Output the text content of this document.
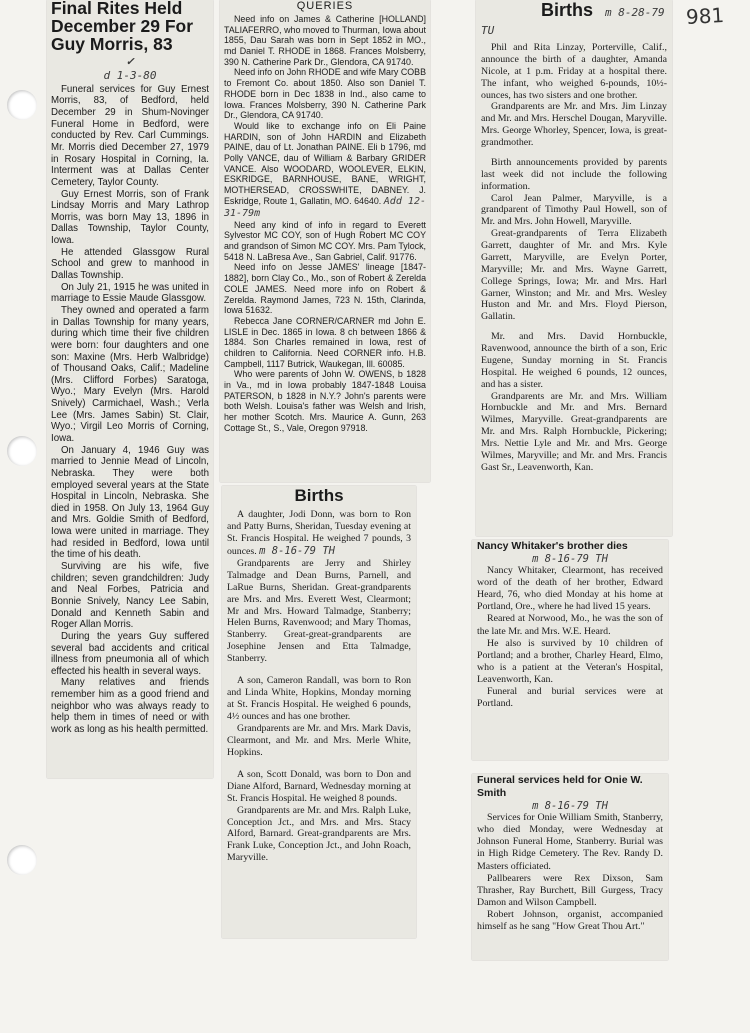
981

Final Rites Held December 29 For Guy Morris, 83
✓

d 1-3-80

Funeral services for Guy Ernest Morris, 83, of Bedford, held December 29 in Shum-Novinger Funeral Home in Bedford, were conducted by Rev. Carl Cummings. Mr. Morris died December 27, 1979 in Rosary Hospital in Corning, Ia. Interment was at Dallas Center Cemetery, Taylor County.

Guy Ernest Morris, son of Frank Lindsay Morris and Mary Lathrop Morris, was born May 13, 1896 in Dallas Township, Taylor County, Iowa.

He attended Glassgow Rural School and grew to manhood in Dallas Township.

On July 21, 1915 he was united in marriage to Essie Maude Glassgow.

They owned and operated a farm in Dallas Township for many years, during which time their five children were born: four daughters and one son: Maxine (Mrs. Herb Walbridge) of Thousand Oaks, Calif.; Madeline (Mrs. Clifford Forbes) Saratoga, Wyo.; Mary Evelyn (Mrs. Harold Snively) Carmichael, Wash.; Verla Lee (Mrs. James Sabin) St. Clair, Wyo.; Virgil Leo Morris of Corning, Iowa.

On January 4, 1946 Guy was married to Jennie Mead of Lincoln, Nebraska. They were both employed several years at the State Hospital in Lincoln, Nebraska. She died in 1958. On July 13, 1964 Guy and Mrs. Goldie Smith of Bedford, Iowa were united in marriage. They had resided in Bedford, Iowa until the time of his death.

Surviving are his wife, five children; seven grandchildren: Judy and Neal Forbes, Patricia and Bonnie Snively, Nancy Lee Sabin, Donald and Kenneth Sabin and Roger Allan Morris.

During the years Guy suffered several bad accidents and critical illness from pneumonia all of which effected his health in several ways.

Many relatives and friends remember him as a good friend and neighbor who was always ready to help them in times of need or with work as long as his health permitted.

QUERIES

Need info on James & Catherine [HOLLAND] TALIAFERRO, who moved to Thurman, Iowa about 1855, Dau Sarah was born in Sept 1852 in MO., md Daniel T. RHODE in 1868. Frances Molsberry, 390 N. Catherine Park Dr., Glendora, CA 91740.

Need info on John RHODE and wife Mary COBB to Fremont Co. about 1850. Also son Daniel T. RHODE born in Dec 1838 in Ind., also came to Iowa. Frances Molsberry, 390 N. Catherine Park Dr., Glendora, CA 91740.

Would like to exchange info on Eli Paine HARDIN, son of John HARDIN and Elizabeth PAINE, dau of Lt. Jonathan PAINE. Eli b 1796, md Polly VANCE, dau of William & Barbary GRIDER VANCE. Also WOODARD, WOOLEVER, ELKIN, ESKRIDGE, BARNHOUSE, BANE, WRIGHT, MOTHERSEAD, CROSSWHITE, DABNEY. J. Eskridge, Route 1, Gallatin, MO. 64640. Add 12-31-79m

Need any kind of info in regard to Everett Sylvestor MC COY, son of Hugh Robert MC COY and grandson of Simon MC COY. Mrs. Pam Tylock, 5418 N. LaBresa Ave., San Gabriel, Calif. 91776.

Need info on Jesse JAMES' lineage [1847-1882], born Clay Co., Mo., son of Robert & Zerelda COLE JAMES. Need more info on Robert & Zerelda. Raymond James, 723 N. 15th, Clarinda, Iowa 51632.

Rebecca Jane CORNER/CARNER md John E. LISLE in Dec. 1865 in Iowa. 8 ch between 1866 & 1884. Son Charles remained in Iowa, rest of children to California. Need CORNER info. H.B. Campbell, 1117 Butrick, Waukegan, Ill. 60085.

Who were parents of John W. OWENS, b 1828 in Va., md in Iowa probably 1847-1848 Louisa PATERSON, b 1828 in N.Y.? John's parents were both Welsh. Louisa's father was Welsh and Irish, her mother Scotch. Mrs. Maurice A. Gunn, 263 Cottage St., S., Vale, Oregon 97918.

Births

A daughter, Jodi Donn, was born to Ron and Patty Burns, Sheridan, Tuesday evening at St. Francis Hospital. He weighed 7 pounds, 3 ounces. m 8-16-79 TH

Grandparents are Jerry and Shirley Talmadge and Dean Burns, Parnell, and LaRue Burns, Sheridan. Great-grandparents are Mrs. and Mrs. Everett West, Clearmont; Mr and Mrs. Howard Talmadge, Stanberry; Helen Burns, Ravenwood; and Mary Thomas, Stanberry. Great-great-grandparents are Josephine Jensen and Etta Talmadge, Stanberry.

A son, Cameron Randall, was born to Ron and Linda White, Hopkins, Monday morning at St. Francis Hospital. He weighed 6 pounds, 4½ ounces and has one brother.

Grandparents are Mr. and Mrs. Mark Davis, Clearmont, and Mr. and Mrs. Merle White, Hopkins.

A son, Scott Donald, was born to Don and Diane Alford, Barnard, Wednesday morning at St. Francis Hospital. He weighed 8 pounds.

Grandparents are Mr. and Mrs. Ralph Luke, Conception Jct., and Mrs. and Mrs. Stacy Alford, Barnard. Great-grandparents are Mrs. Frank Luke, Conception Jct., and John Roach, Maryville.

Births m 8-28-79 TU

Phil and Rita Linzay, Porterville, Calif., announce the birth of a daughter, Amanda Nicole, at 1 p.m. Friday at a hospital there. The infant, who weighed 6-pounds, 10½-ounces, has two sisters and one brother.

Grandparents are Mr. and Mrs. Jim Linzay and Mr. and Mrs. Herschel Dougan, Maryville. Mrs. George Whorley, Spencer, Iowa, is great-grandmother.

Birth announcements provided by parents last week did not include the following information.

Carol Jean Palmer, Maryville, is a grandparent of Timothy Paul Howell, son of Mr. and Mrs. John Howell, Maryville.

Great-grandparents of Terra Elizabeth Garrett, daughter of Mr. and Mrs. Kyle Garrett, Maryville, are Evelyn Porter, Maryville; Mr. and Mrs. Wayne Garrett, College Springs, Iowa; Mr. and Mrs. Harl Garner, Winston; and Mr. and Mrs. Wesley Huston and Mr. and Mrs. Floyd Pierson, Gallatin.

Mr. and Mrs. David Hornbuckle, Ravenwood, announce the birth of a son, Eric Eugene, Sunday morning in St. Francis Hospital. He weighed 6 pounds, 12 ounces, and has a sister.

Grandparents are Mr. and Mrs. William Hornbuckle and Mr. and Mrs. Bernard Wilmes, Maryville. Great-grandparents are Mr. and Mrs. Ralph Hornbuckle, Pickering; Mrs. Nettie Lyle and Mr. and Mrs. George Wilmes, Maryville; and Mr. and Mrs. Francis Gast Sr., Leavenworth, Kan.

Nancy Whitaker's brother dies

m 8-16-79 TH

Nancy Whitaker, Clearmont, has received word of the death of her brother, Edward Heard, 76, who died Monday at his home at Portland, Ore., where he had lived 15 years.

Reared at Norwood, Mo., he was the son of the late Mr. and Mrs. W.E. Heard.

He also is survived by 10 children of Portland; and a brother, Charley Heard, Elmo, who is a patient at the Veteran's Hospital, Leavenworth, Kan.

Funeral and burial services were at Portland.

Funeral services held for Onie W. Smith

m 8-16-79 TH

Services for Onie William Smith, Stanberry, who died Monday, were Wednesday at Johnson Funeral Home, Stanberry. Burial was in High Ridge Cemetery. The Rev. Randy D. Masters officiated.

Pallbearers were Rex Dixson, Sam Thrasher, Ray Burchett, Bill Gurgess, Tracy Damon and Wilson Campbell.

Robert Johnson, organist, accompanied himself as he sang "How Great Thou Art."
